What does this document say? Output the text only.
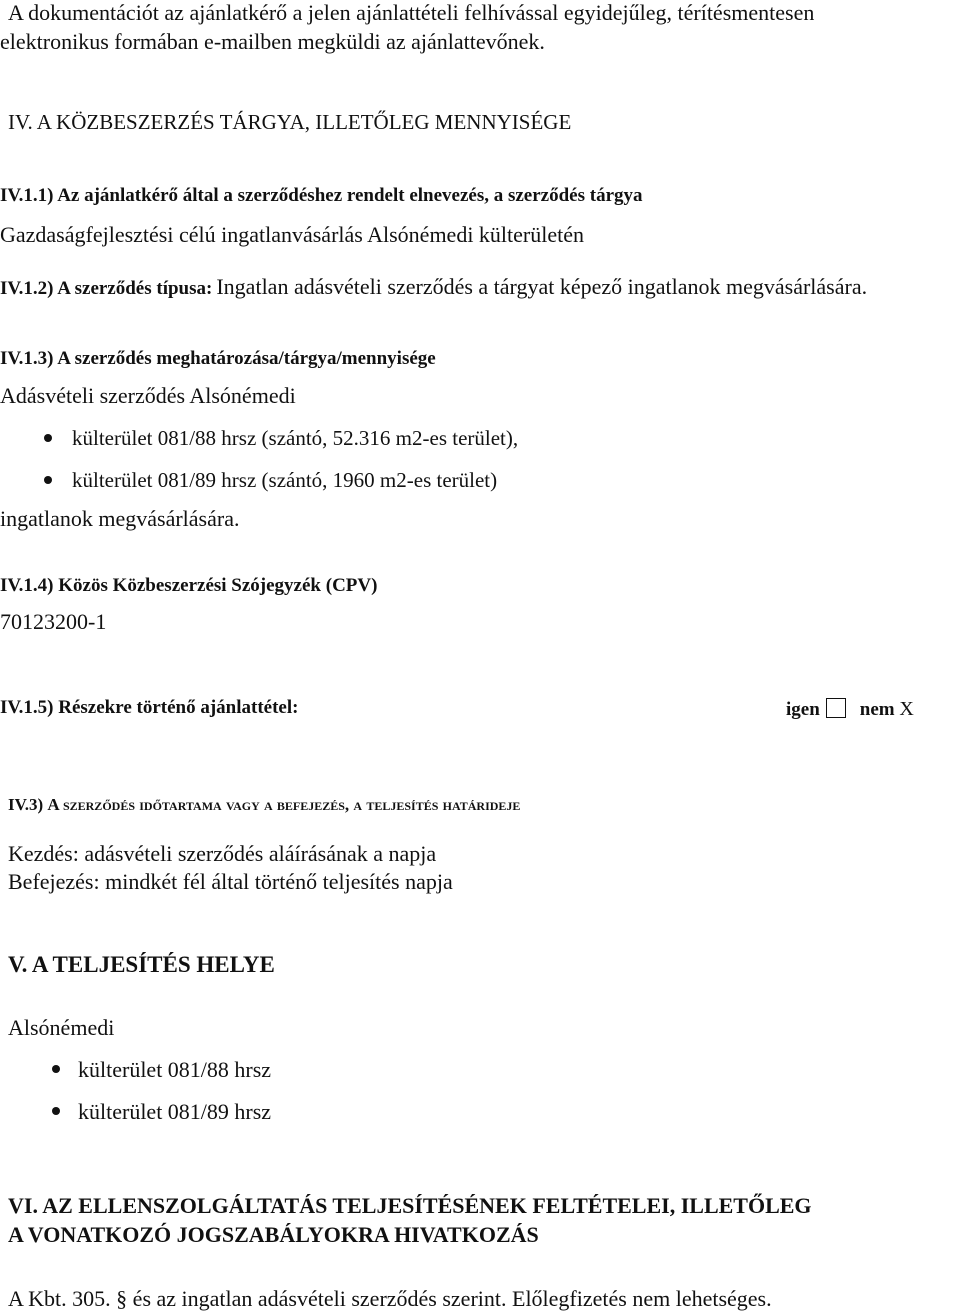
A dokumentációt az ajánlatkérő a jelen ajánlattételi felhívással egyidejűleg, térítésmentesen
elektronikus formában e-mailben megküldi az ajánlattevőnek.
IV. A KÖZBESZERZÉS TÁRGYA, ILLETŐLEG MENNYISÉGE
IV.1.1) Az ajánlatkérő által a szerződéshez rendelt elnevezés, a szerződés tárgya
Gazdaságfejlesztési célú ingatlanvásárlás Alsónémedi külterületén
IV.1.2) A szerződés típusa: Ingatlan adásvételi szerződés a tárgyat képező ingatlanok megvásárlására.
IV.1.3) A szerződés meghatározása/tárgya/mennyisége
Adásvételi szerződés Alsónémedi
külterület 081/88 hrsz (szántó, 52.316 m2-es terület),
külterület 081/89 hrsz (szántó, 1960 m2-es terület)
ingatlanok megvásárlására.
IV.1.4) Közös Közbeszerzési Szójegyzék (CPV)
70123200-1
IV.1.5) Részekre történő ajánlattétel:	igen nem X
IV.3) A szerződés időtartama vagy a befejezés, a teljesítés határideje
Kezdés: adásvételi szerződés aláírásának a napja
Befejezés: mindkét fél által történő teljesítés napja
V. A TELJESÍTÉS HELYE
Alsónémedi
külterület 081/88 hrsz
külterület 081/89 hrsz
VI. AZ ELLENSZOLGÁLTATÁS TELJESÍTÉSÉNEK FELTÉTELEI, ILLETŐLEG
A VONATKOZÓ JOGSZABÁLYOKRA HIVATKOZÁS
A Kbt. 305. § és az ingatlan adásvételi szerződés szerint. Előlegfizetés nem lehetséges.
